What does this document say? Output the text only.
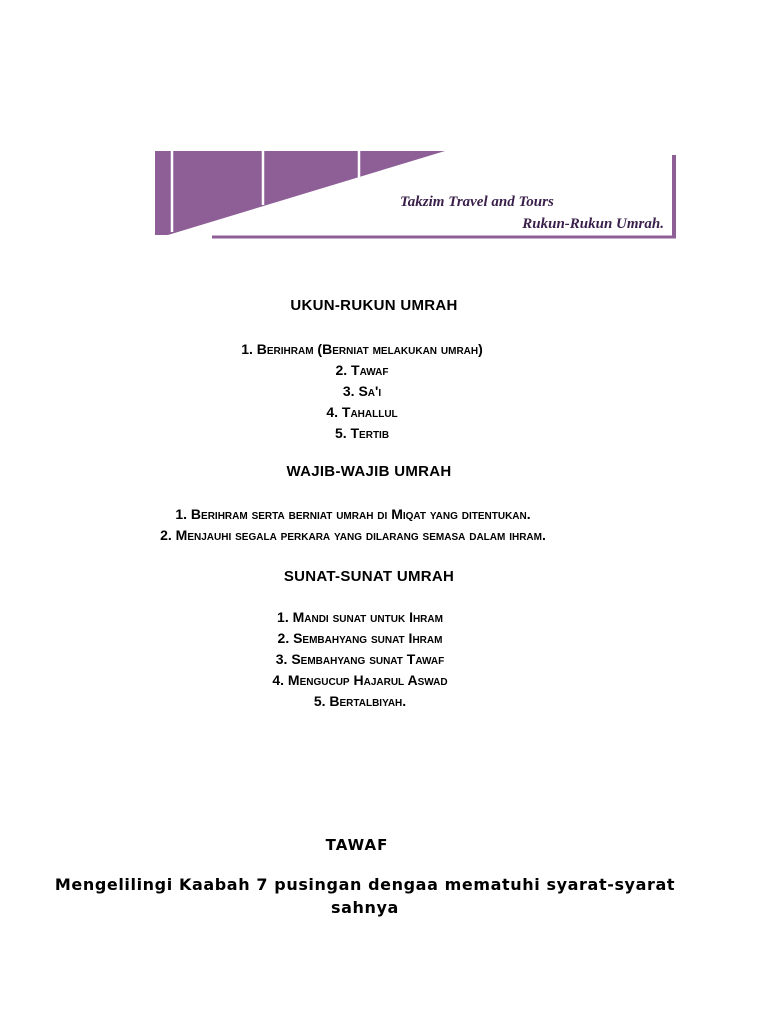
Takzim Travel and Tours
Rukun-Rukun Umrah.
UKUN-RUKUN UMRAH
1. Berihram (Berniat melakukan umrah)
2. Tawaf
3. Sa'i
4. Tahallul
5. Tertib
WAJIB-WAJIB UMRAH
1. Berihram serta berniat umrah di Miqat yang ditentukan.
2. Menjauhi segala perkara yang dilarang semasa dalam ihram.
SUNAT-SUNAT UMRAH
1. Mandi sunat untuk Ihram
2. Sembahyang sunat Ihram
3. Sembahyang sunat Tawaf
4. Mengucup Hajarul Aswad
5. Bertalbiyah.
TAWAF
Mengelilingi Kaabah 7 pusingan dengaa mematuhi syarat-syarat sahnya
